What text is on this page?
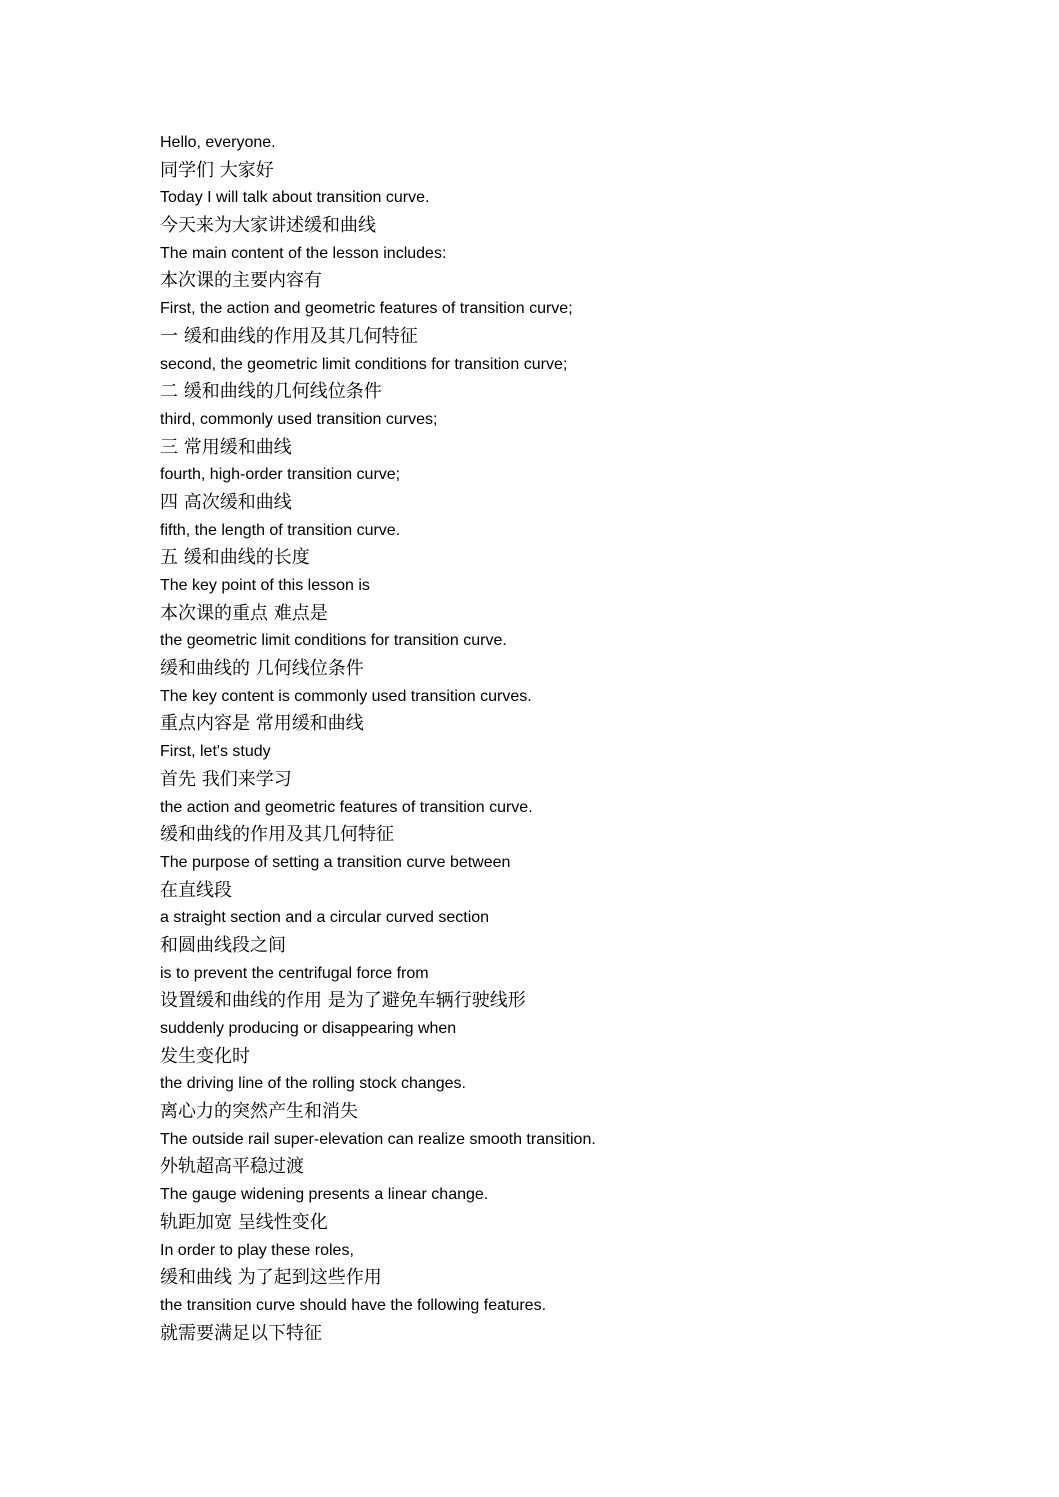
Hello, everyone.
同学们 大家好
Today I will talk about transition curve.
今天来为大家讲述缓和曲线
The main content of the lesson includes:
本次课的主要内容有
First, the action and geometric features of transition curve;
一 缓和曲线的作用及其几何特征
second, the geometric limit conditions for transition curve;
二 缓和曲线的几何线位条件
third, commonly used transition curves;
三 常用缓和曲线
fourth, high-order transition curve;
四 高次缓和曲线
fifth, the length of transition curve.
五 缓和曲线的长度
The key point of this lesson is
本次课的重点 难点是
the geometric limit conditions for transition curve.
缓和曲线的 几何线位条件
The key content is commonly used transition curves.
重点内容是 常用缓和曲线
First, let's study
首先 我们来学习
the action and geometric features of transition curve.
缓和曲线的作用及其几何特征
The purpose of setting a transition curve between
在直线段
a straight section and a circular curved section
和圆曲线段之间
is to prevent the centrifugal force from
设置缓和曲线的作用 是为了避免车辆行驶线形
suddenly producing or disappearing when
发生变化时
the driving line of the rolling stock changes.
离心力的突然产生和消失
The outside rail super-elevation can realize smooth transition.
外轨超高平稳过渡
The gauge widening presents a linear change.
轨距加宽 呈线性变化
In order to play these roles,
缓和曲线 为了起到这些作用
the transition curve should have the following features.
就需要满足以下特征
